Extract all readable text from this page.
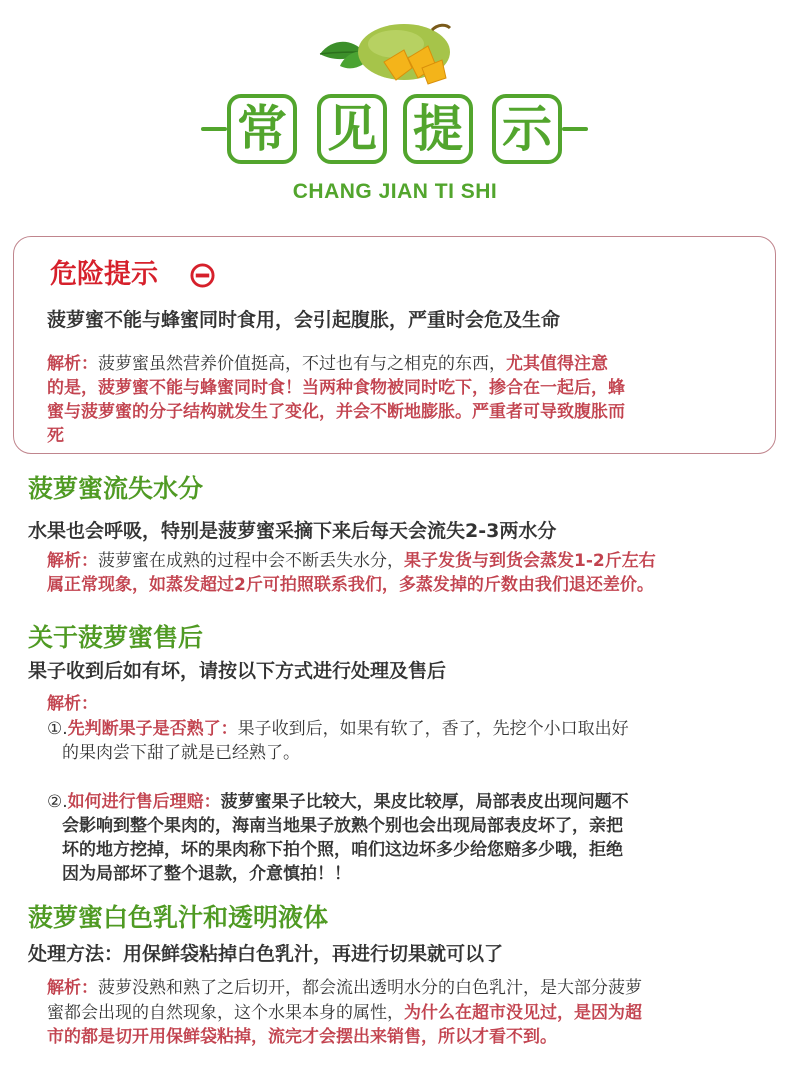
常 见 提 示
CHANG JIAN TI SHI
危险提示
菠萝蜜不能与蜂蜜同时食用，会引起腹胀，严重时会危及生命
解析：菠萝蜜虽然营养价值挺高，不过也有与之相克的东西，尤其值得注意
的是，菠萝蜜不能与蜂蜜同时食！当两种食物被同时吃下，掺合在一起后，蜂
蜜与菠萝蜜的分子结构就发生了变化，并会不断地膨胀。严重者可导致腹胀而
死
菠萝蜜流失水分
水果也会呼吸，特别是菠萝蜜采摘下来后每天会流失2-3两水分
解析：菠萝蜜在成熟的过程中会不断丢失水分，果子发货与到货会蒸发1-2斤左右
属正常现象，如蒸发超过2斤可拍照联系我们，多蒸发掉的斤数由我们退还差价。
关于菠萝蜜售后
果子收到后如有坏，请按以下方式进行处理及售后
解析：
①.先判断果子是否熟了：果子收到后，如果有软了，香了，先挖个小口取出好
的果肉尝下甜了就是已经熟了。
②.如何进行售后理赔：菠萝蜜果子比较大，果皮比较厚，局部表皮出现问题不
会影响到整个果肉的，海南当地果子放熟个别也会出现局部表皮坏了，亲把
坏的地方挖掉，坏的果肉称下拍个照，咱们这边坏多少给您赔多少哦，拒绝
因为局部坏了整个退款，介意慎拍！！
菠萝蜜白色乳汁和透明液体
处理方法：用保鲜袋粘掉白色乳汁，再进行切果就可以了
解析：菠萝没熟和熟了之后切开，都会流出透明水分的白色乳汁，是大部分菠萝
蜜都会出现的自然现象，这个水果本身的属性，为什么在超市没见过，是因为超
市的都是切开用保鲜袋粘掉，流完才会摆出来销售，所以才看不到。
